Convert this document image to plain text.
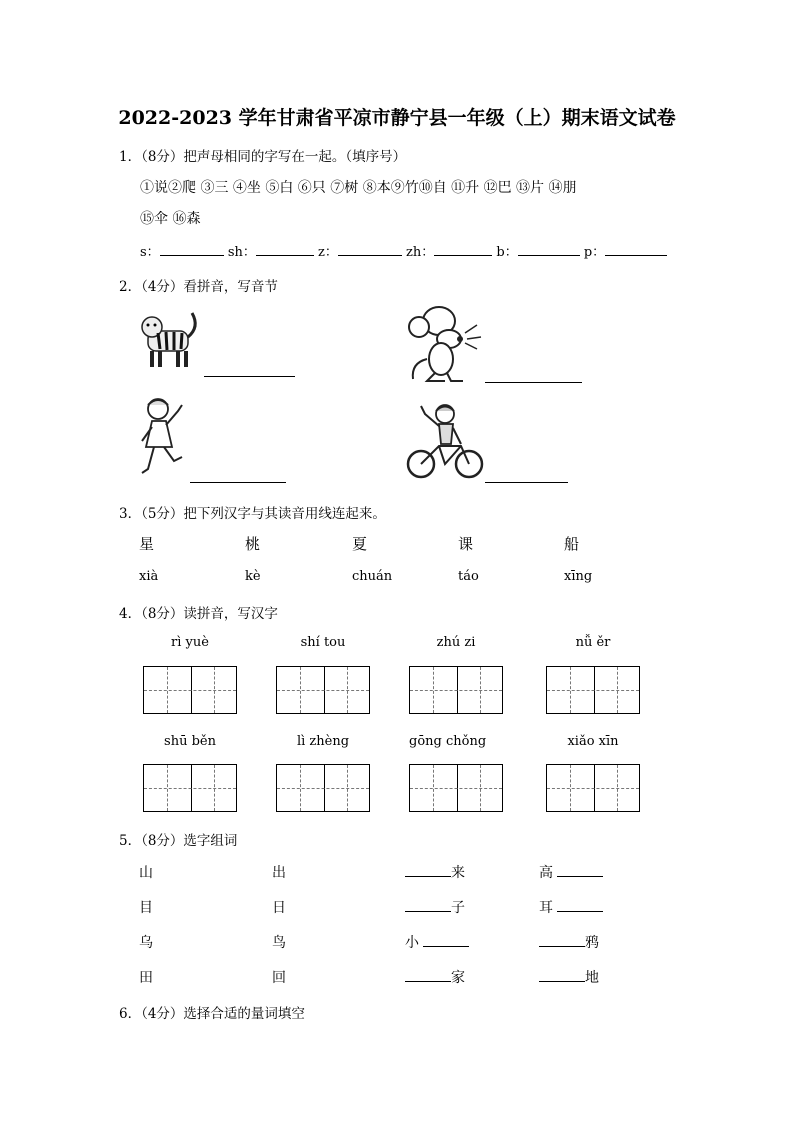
2022-2023 学年甘肃省平凉市静宁县一年级（上）期末语文试卷
1．（8分）把声母相同的字写在一起。（填序号）
①说②爬 ③三 ④坐 ⑤白 ⑥只 ⑦树 ⑧本⑨竹⑩自 ⑪升 ⑫巴 ⑬片 ⑭朋
⑮伞 ⑯森
s：	sh：	z：	zh：	b：	p：
2．（4分）看拼音，写音节
3．（5分）把下列汉字与其读音用线连起来。
星	桃	夏	课	船
xià	kè	chuán	táo	xīng
4．（8分）读拼音，写汉字
rì yuè	shí tou	zhú zi	nǚ ěr
shū běn	lì zhèng	gōng chǒng	xiǎo xīn
5．（8分）选字组词
山	出	来	高
目	日	子	耳
乌	鸟	小	鸦
田	回	家	地
6．（4分）选择合适的量词填空
